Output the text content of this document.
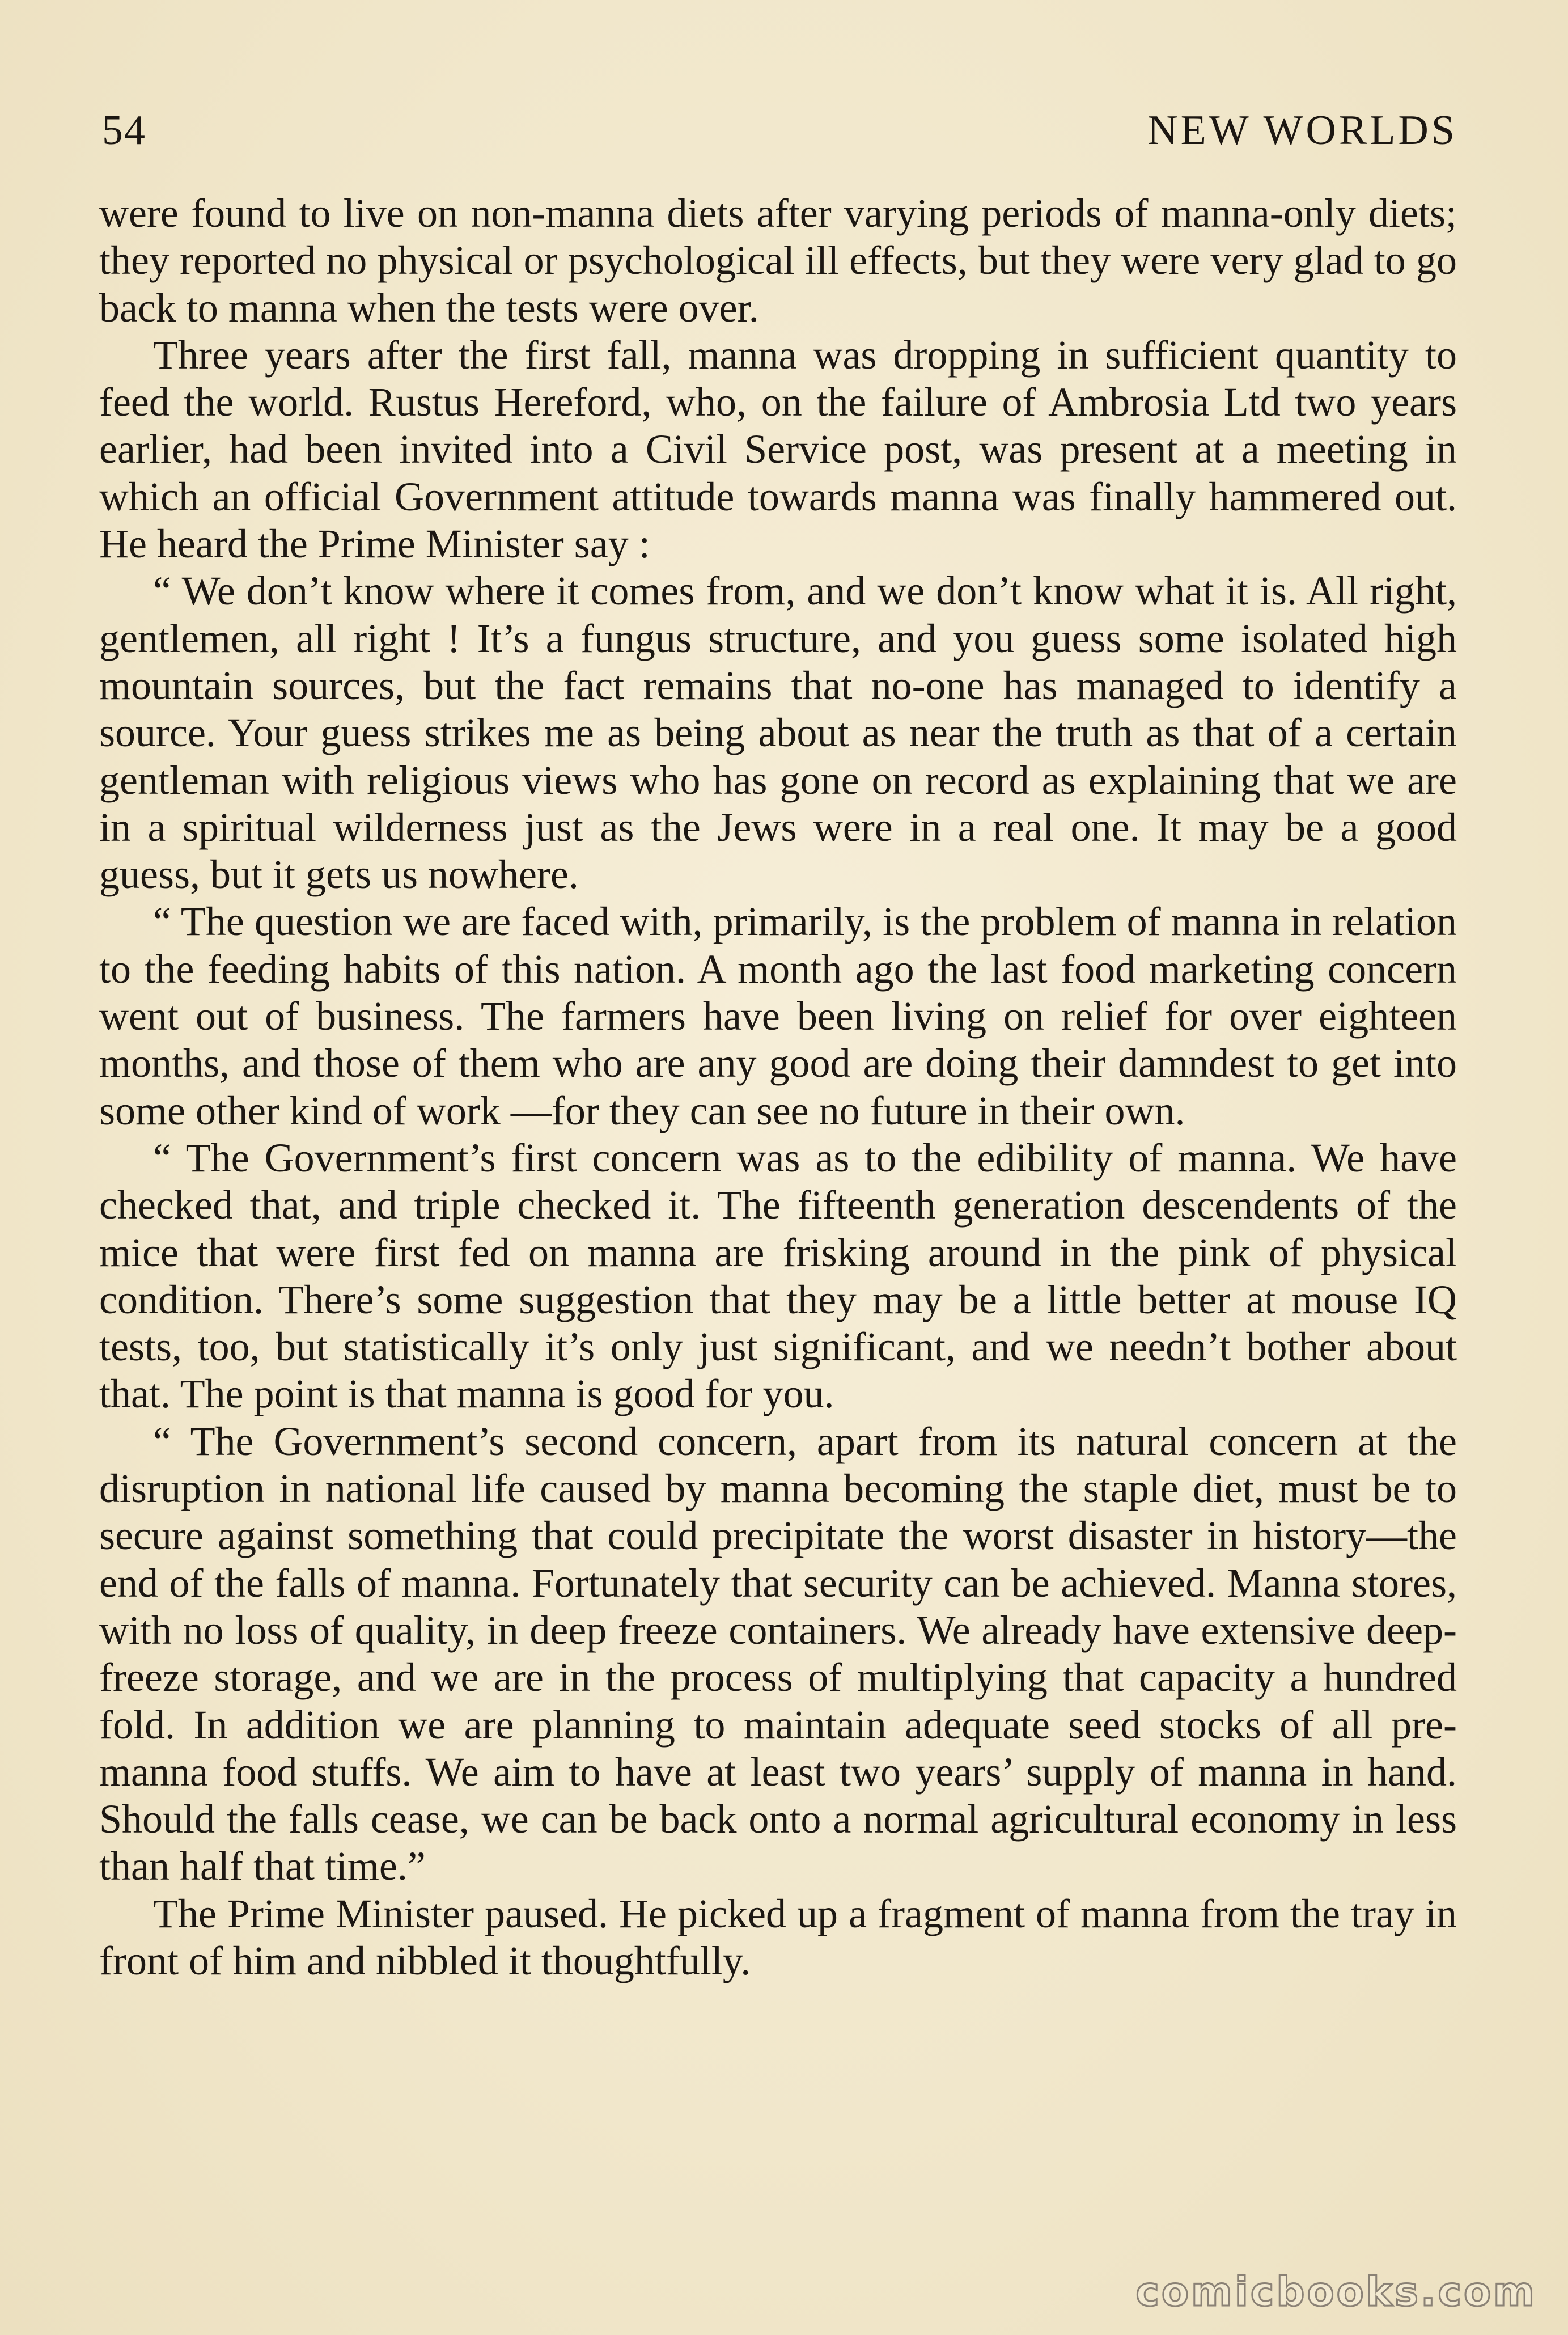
54	NEW WORLDS

were found to live on non-manna diets after varying periods of manna-only diets; they reported no physical or psychological ill effects, but they were very glad to go back to manna when the tests were over.

Three years after the first fall, manna was dropping in sufficient quantity to feed the world. Rustus Hereford, who, on the failure of Ambrosia Ltd two years earlier, had been invited into a Civil Service post, was present at a meeting in which an official Government attitude towards manna was finally hammered out. He heard the Prime Minister say :

“ We don’t know where it comes from, and we don’t know what it is. All right, gentlemen, all right ! It’s a fungus structure, and you guess some isolated high mountain sources, but the fact remains that no-one has managed to identify a source. Your guess strikes me as being about as near the truth as that of a certain gentleman with religious views who has gone on record as explaining that we are in a spiritual wilderness just as the Jews were in a real one. It may be a good guess, but it gets us nowhere.

“ The question we are faced with, primarily, is the problem of manna in relation to the feeding habits of this nation. A month ago the last food marketing concern went out of business. The farmers have been living on relief for over eighteen months, and those of them who are any good are doing their damndest to get into some other kind of work —for they can see no future in their own.

“ The Government’s first concern was as to the edibility of manna. We have checked that, and triple checked it. The fifteenth generation descendents of the mice that were first fed on manna are frisking around in the pink of physical condition. There’s some suggestion that they may be a little better at mouse IQ tests, too, but statistically it’s only just significant, and we needn’t bother about that. The point is that manna is good for you.

“ The Government’s second concern, apart from its natural concern at the disruption in national life caused by manna becoming the staple diet, must be to secure against something that could precipitate the worst disaster in history—the end of the falls of manna. Fortunately that security can be achieved. Manna stores, with no loss of quality, in deep freeze containers. We already have extensive deep-freeze storage, and we are in the process of multiplying that capacity a hundred fold. In addition we are planning to maintain adequate seed stocks of all pre-manna food stuffs. We aim to have at least two years’ supply of manna in hand. Should the falls cease, we can be back onto a normal agricultural economy in less than half that time.”

The Prime Minister paused. He picked up a fragment of manna from the tray in front of him and nibbled it thoughtfully.

comicbooks.com
